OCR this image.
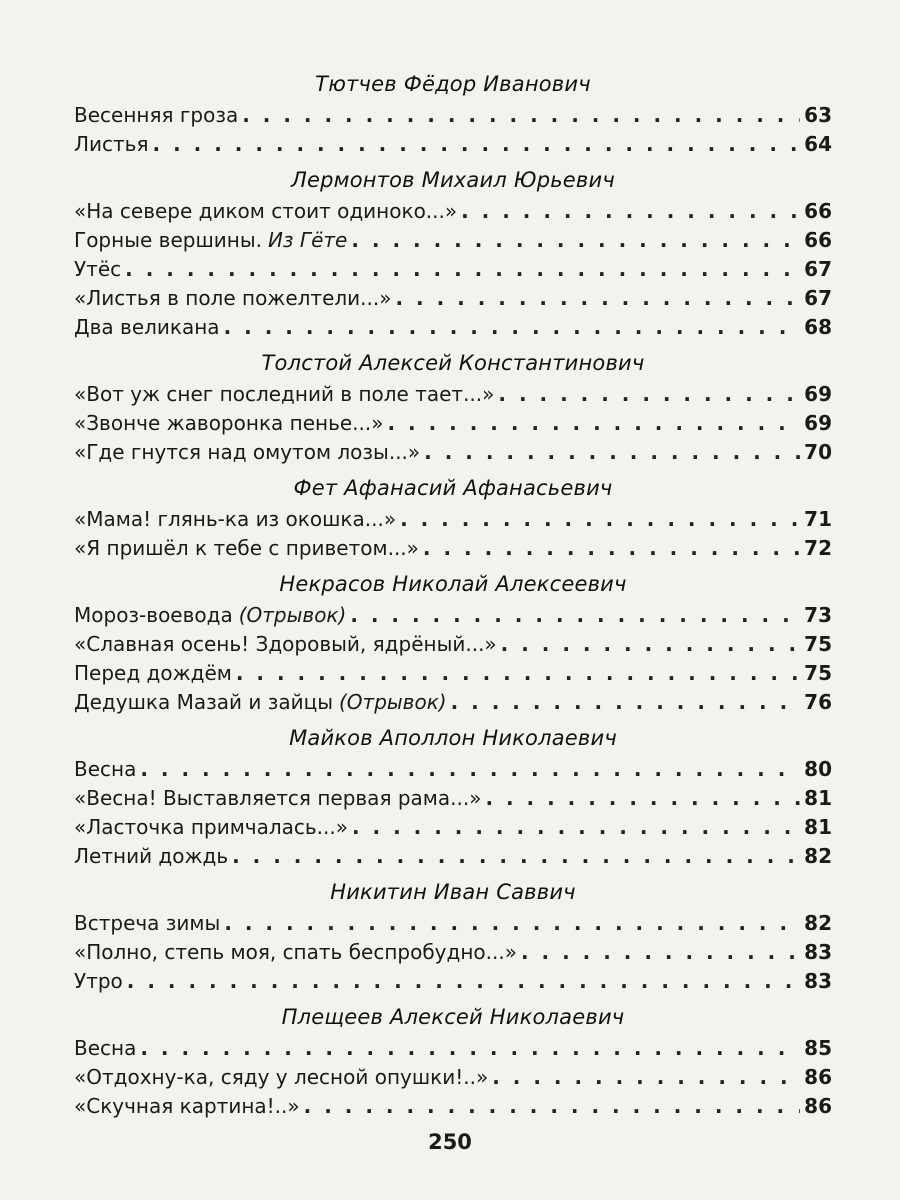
Тютчев Фёдор Иванович
Весенняя гроза . . .	63
Листья . . .	64
Лермонтов Михаил Юрьевич
«На севере диком стоит одиноко...» . . .	66
Горные вершины. Из Гёте . . .	66
Утёс . . .	67
«Листья в поле пожелтели...» . . .	67
Два великана . . .	68
Толстой Алексей Константинович
«Вот уж снег последний в поле тает...» . . .	69
«Звонче жаворонка пенье...» . . .	69
«Где гнутся над омутом лозы...» . . .	70
Фет Афанасий Афанасьевич
«Мама! глянь-ка из окошка...» . . .	71
«Я пришёл к тебе с приветом...» . . .	72
Некрасов Николай Алексеевич
Мороз-воевода (Отрывок) . . .	73
«Славная осень! Здоровый, ядрёный...» . . .	75
Перед дождём . . .	75
Дедушка Мазай и зайцы (Отрывок) . . .	76
Майков Аполлон Николаевич
Весна . . .	80
«Весна! Выставляется первая рама...» . . .	81
«Ласточка примчалась...» . . .	81
Летний дождь . . .	82
Никитин Иван Саввич
Встреча зимы . . .	82
«Полно, степь моя, спать беспробудно...» . . .	83
Утро . . .	83
Плещеев Алексей Николаевич
Весна . . .	85
«Отдохну-ка, сяду у лесной опушки!..» . . .	86
«Скучная картина!..» . . .	86
250
